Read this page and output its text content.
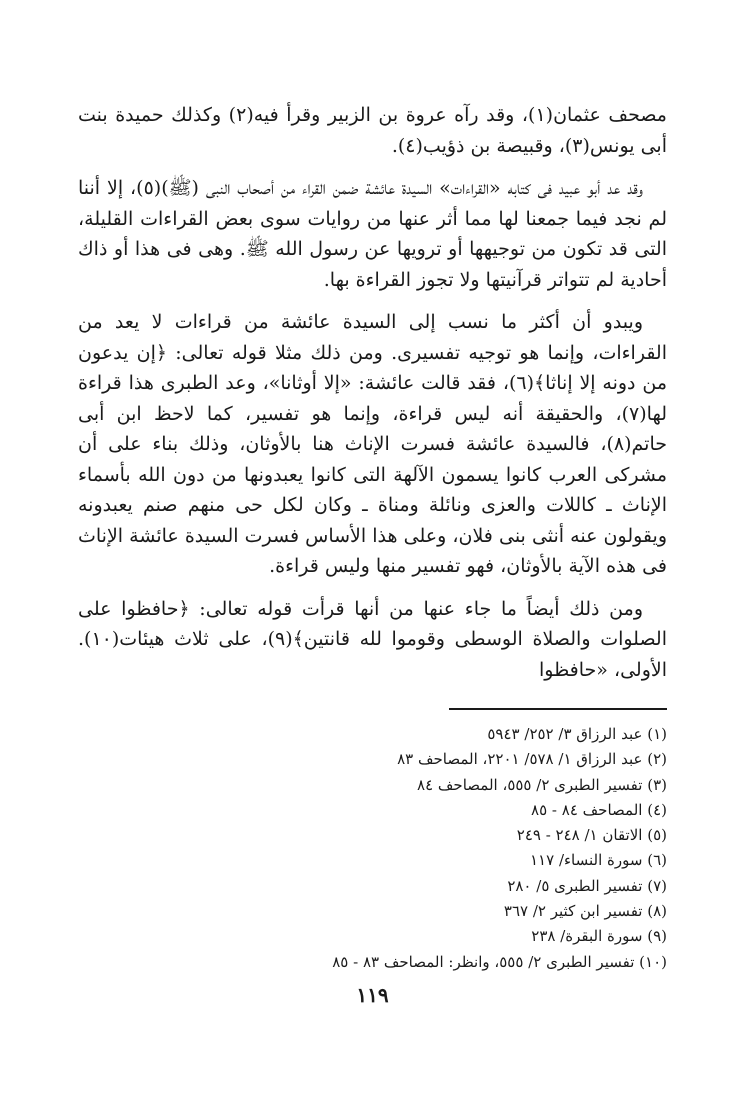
مصحف عثمان(١)، وقد رآه عروة بن الزبير وقرأ فيه(٢) وكذلك حميدة بنت أبى يونس(٣)، وقبيصة بن ذؤيب(٤).

وقد عد أبو عبيد فى كتابه «القراءات» السيدة عائشة ضمن القراء من أصحاب النبى (ﷺ)(٥)، إلا أننا لم نجد فيما جمعنا لها مما أثر عنها من روايات سوى بعض القراءات القليلة، التى قد تكون من توجيهها أو ترويها عن رسول الله ﷺ. وهى فى هذا أو ذاك أحادية لم تتواتر قرآنيتها ولا تجوز القراءة بها.

ويبدو أن أكثر ما نسب إلى السيدة عائشة من قراءات لا يعد من القراءات، وإنما هو توجيه تفسيرى. ومن ذلك مثلا قوله تعالى: ﴿إن يدعون من دونه إلا إناثا﴾(٦)، فقد قالت عائشة: «إلا أوثانا»، وعد الطبرى هذا قراءة لها(٧)، والحقيقة أنه ليس قراءة، وإنما هو تفسير، كما لاحظ ابن أبى حاتم(٨)، فالسيدة عائشة فسرت الإناث هنا بالأوثان، وذلك بناء على أن مشركى العرب كانوا يسمون الآلهة التى كانوا يعبدونها من دون الله بأسماء الإناث ـ كاللات والعزى ونائلة ومناة ـ وكان لكل حى منهم صنم يعبدونه ويقولون عنه أنثى بنى فلان، وعلى هذا الأساس فسرت السيدة عائشة الإناث فى هذه الآية بالأوثان، فهو تفسير منها وليس قراءة.

ومن ذلك أيضاً ما جاء عنها من أنها قرأت قوله تعالى: ﴿حافظوا على الصلوات والصلاة الوسطى وقوموا لله قانتين﴾(٩)، على ثلاث هيئات(١٠). الأولى، «حافظوا

(١) عبد الرزاق ٣/ ٢٥٢/ ٥٩٤٣
(٢) عبد الرزاق ١/ ٥٧٨/ ٢٢٠١، المصاحف ٨٣
(٣) تفسير الطبرى ٢/ ٥٥٥، المصاحف ٨٤
(٤) المصاحف ٨٤ - ٨٥
(٥) الاتقان ١/ ٢٤٨ - ٢٤٩
(٦) سورة النساء/ ١١٧
(٧) تفسير الطبرى ٥/ ٢٨٠
(٨) تفسير ابن كثير ٢/ ٣٦٧
(٩) سورة البقرة/ ٢٣٨
(١٠) تفسير الطبرى ٢/ ٥٥٥، وانظر: المصاحف ٨٣ - ٨٥
١١٩
